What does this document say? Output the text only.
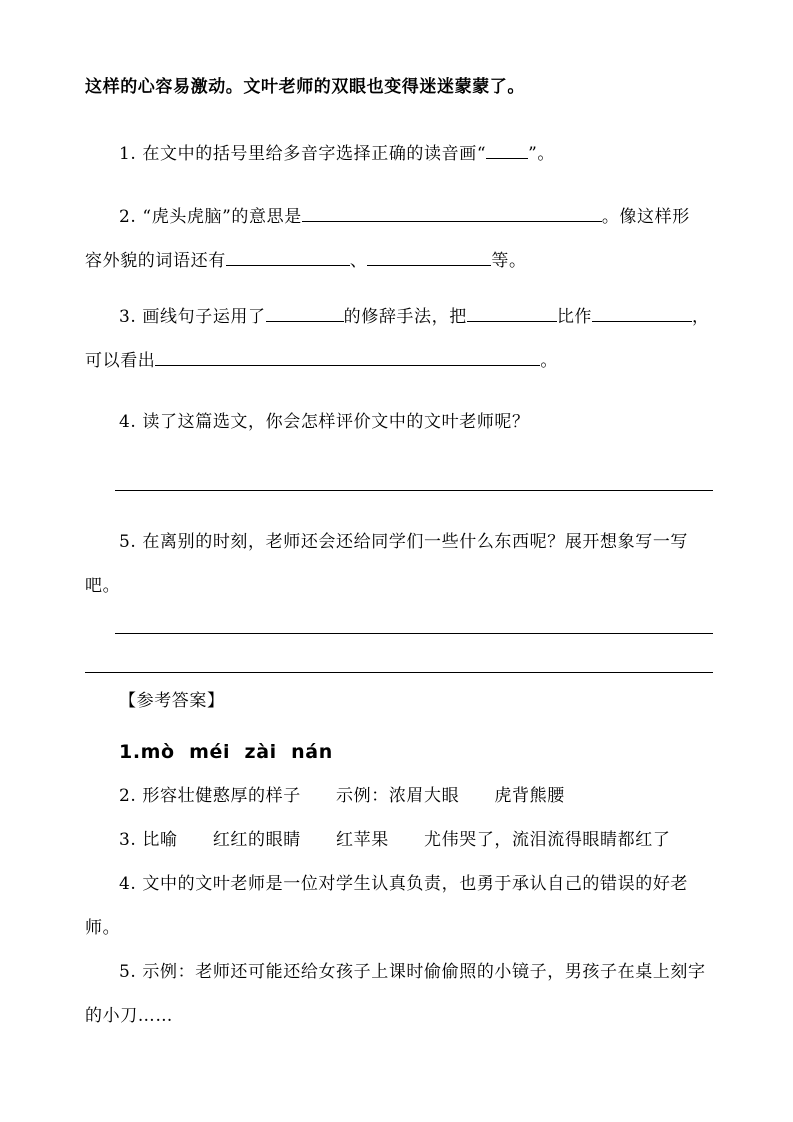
这样的心容易激动。文叶老师的双眼也变得迷迷蒙蒙了。

1. 在文中的括号里给多音字选择正确的读音画“ ”。
2. “虎头虎脑”的意思是	。像这样形
容外貌的词语还有	、	等。
3. 画线句子运用了	的修辞手法，把	比作	，
可以看出	。
4. 读了这篇选文，你会怎样评价文中的文叶老师呢？
5. 在离别的时刻，老师还会还给同学们一些什么东西呢？展开想象写一写
吧。

【参考答案】

1.mò  méi  zài  nán

2. 形容壮健憨厚的样子　　示例：浓眉大眼　　虎背熊腰

3. 比喻　　红红的眼睛　　红苹果　　尤伟哭了，流泪流得眼睛都红了

4. 文中的文叶老师是一位对学生认真负责，也勇于承认自己的错误的好老师。

5. 示例：老师还可能还给女孩子上课时偷偷照的小镜子，男孩子在桌上刻字的小刀……
